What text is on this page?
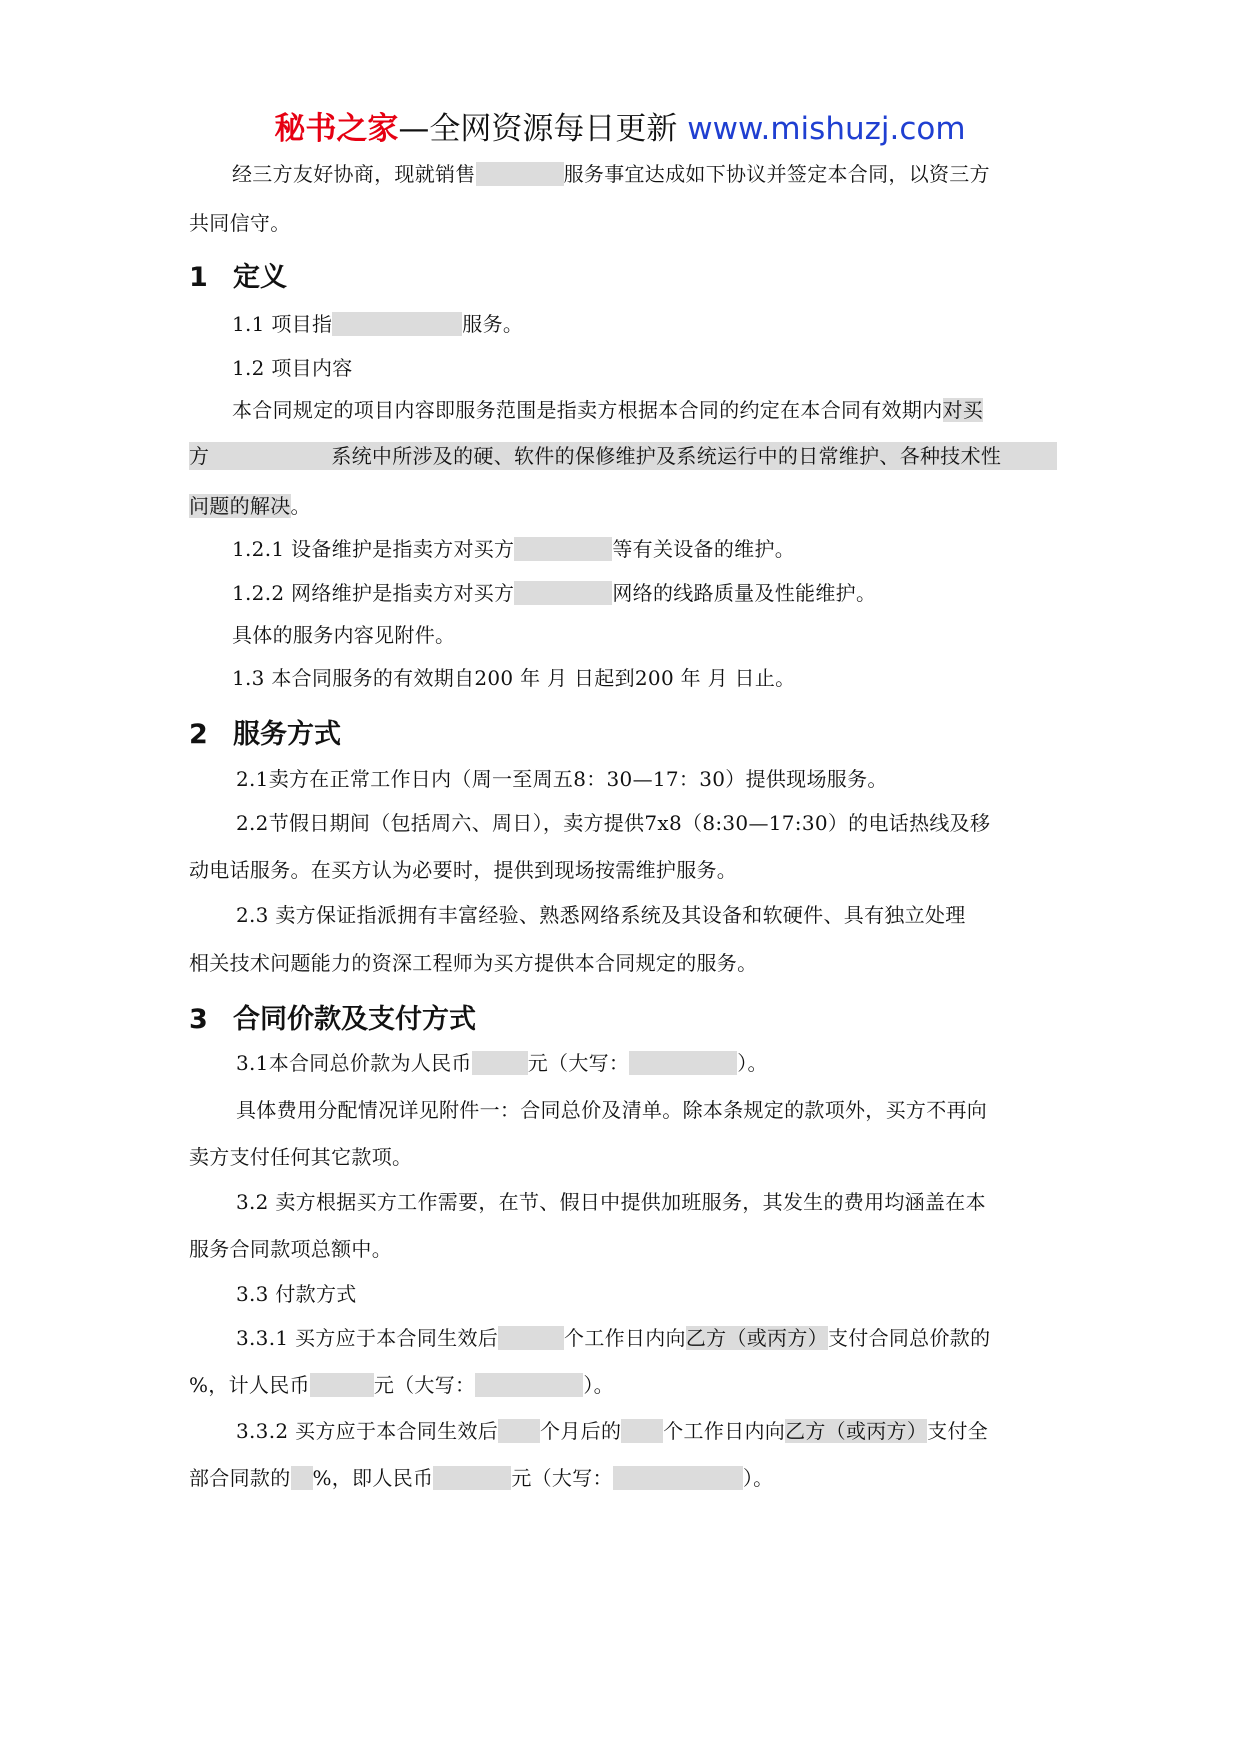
秘书之家—全网资源每日更新 www.mishuzj.com
经三方友好协商，现就销售	服务事宜达成如下协议并签定本合同，以资三方
共同信守。
1 定义
1.1 项目指	服务。
1.2 项目内容
本合同规定的项目内容即服务范围是指卖方根据本合同的约定在本合同有效期内对买
方	系统中所涉及的硬、软件的保修维护及系统运行中的日常维护、各种技术性
问题的解决。
1.2.1 设备维护是指卖方对买方	等有关设备的维护。
1.2.2 网络维护是指卖方对买方	网络的线路质量及性能维护。
具体的服务内容见附件。
1.3 本合同服务的有效期自200 年 月 日起到200 年 月 日止。
2 服务方式
2.1卖方在正常工作日内（周一至周五8：30—17：30）提供现场服务。
2.2节假日期间（包括周六、周日），卖方提供7x8（8:30—17:30）的电话热线及移
动电话服务。在买方认为必要时，提供到现场按需维护服务。
2.3 卖方保证指派拥有丰富经验、熟悉网络系统及其设备和软硬件、具有独立处理
相关技术问题能力的资深工程师为买方提供本合同规定的服务。
3 合同价款及支付方式
3.1本合同总价款为人民币	元（大写：	）。
具体费用分配情况详见附件一：合同总价及清单。除本条规定的款项外，买方不再向
卖方支付任何其它款项。
3.2 卖方根据买方工作需要，在节、假日中提供加班服务，其发生的费用均涵盖在本
服务合同款项总额中。
3.3 付款方式
3.3.1 买方应于本合同生效后	个工作日内向乙方（或丙方）支付合同总价款的
%，计人民币	元（大写：	）。
3.3.2 买方应于本合同生效后 个月后的 个工作日内向乙方（或丙方）支付全
部合同款的 %，即人民币	元（大写：	）。
